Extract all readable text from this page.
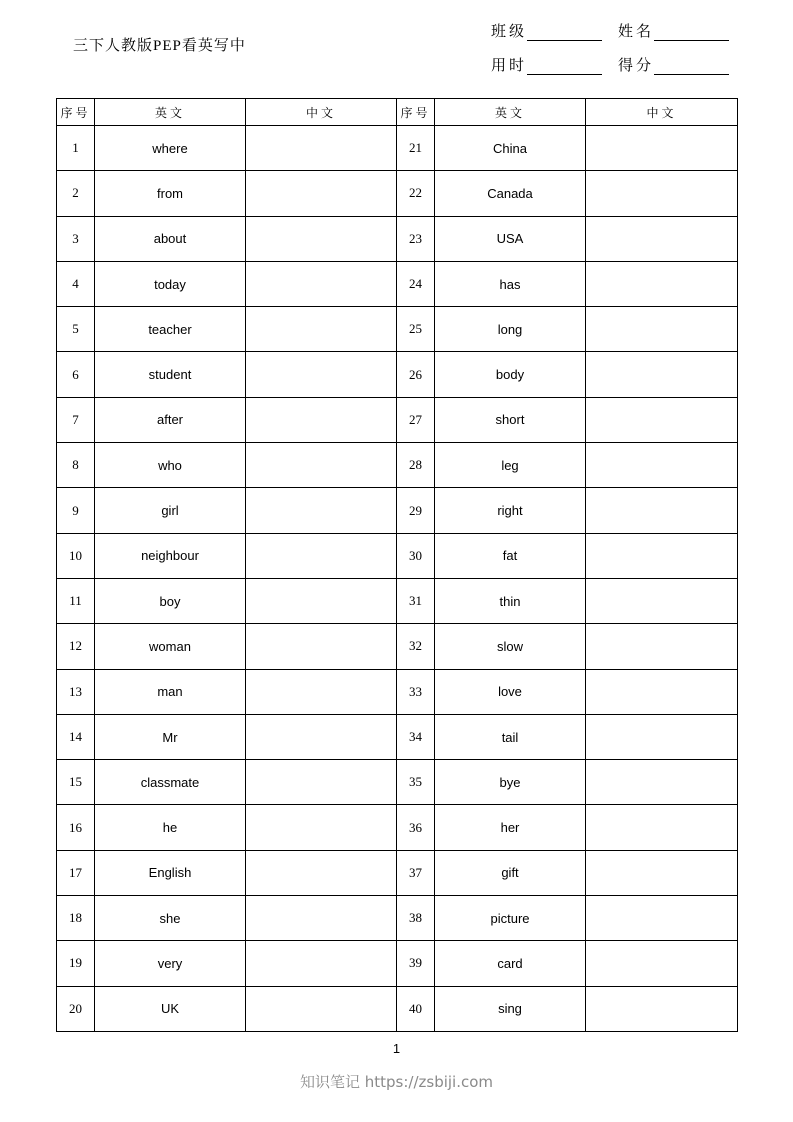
三下人教版PEP看英写中
班级	姓名
用时	得分
序号	英文	中文	序号	英文	中文
1	where		21	China	
2	from		22	Canada	
3	about		23	USA	
4	today		24	has	
5	teacher		25	long	
6	student		26	body	
7	after		27	short	
8	who		28	leg	
9	girl		29	right	
10	neighbour		30	fat	
11	boy		31	thin	
12	woman		32	slow	
13	man		33	love	
14	Mr		34	tail	
15	classmate		35	bye	
16	he		36	her	
17	English		37	gift	
18	she		38	picture	
19	very		39	card	
20	UK		40	sing	
1
知识笔记 https://zsbiji.com
